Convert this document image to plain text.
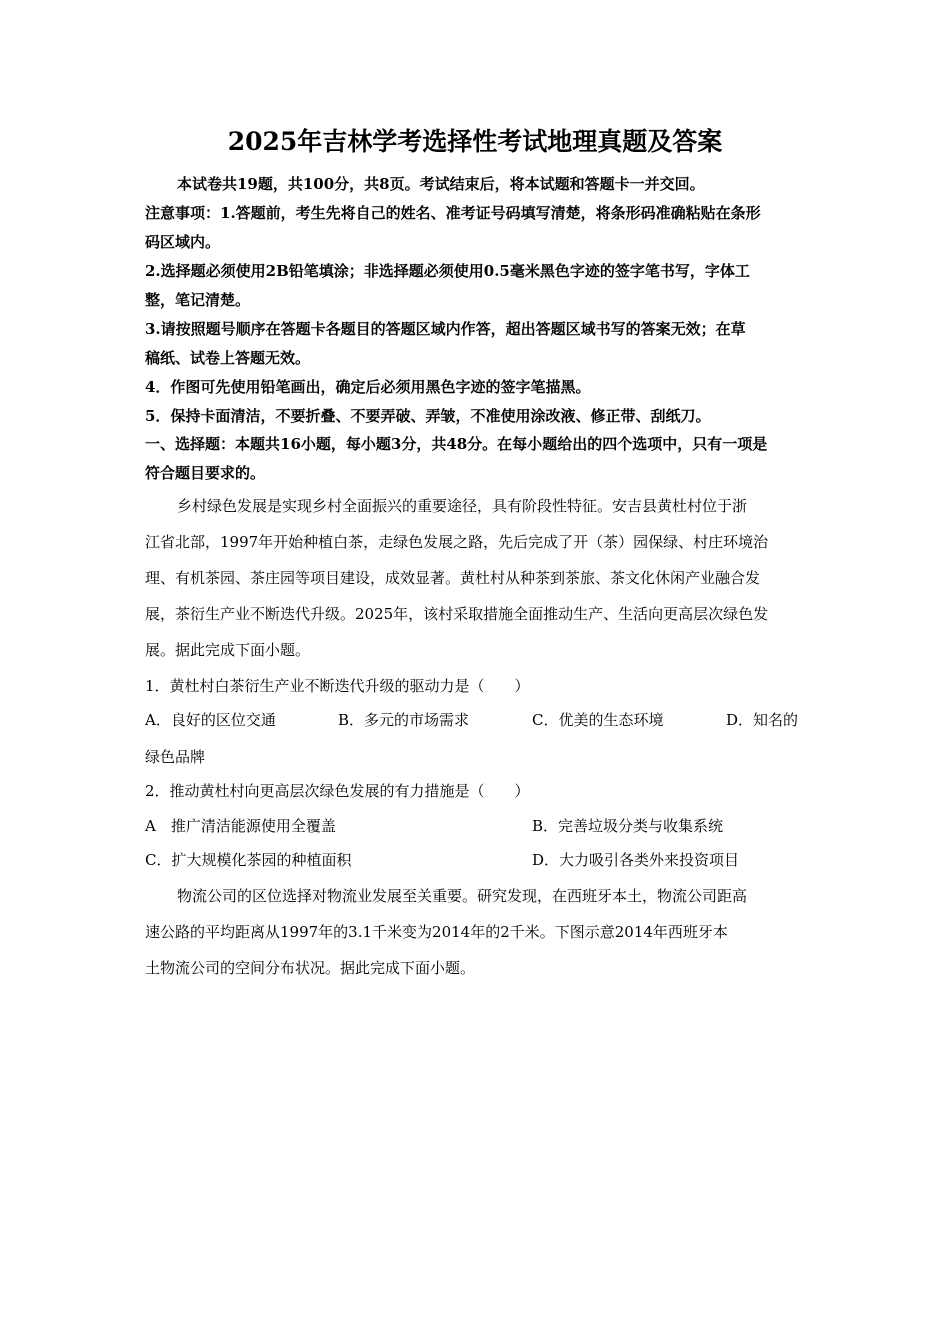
2025年吉林学考选择性考试地理真题及答案
本试卷共19题，共100分，共8页。考试结束后，将本试题和答题卡一并交回。
注意事项：1.答题前，考生先将自己的姓名、准考证号码填写清楚，将条形码准确粘贴在条形
码区域内。
2.选择题必须使用2B铅笔填涂；非选择题必须使用0.5毫米黑色字迹的签字笔书写，字体工
整，笔记清楚。
3.请按照题号顺序在答题卡各题目的答题区域内作答，超出答题区域书写的答案无效；在草
稿纸、试卷上答题无效。
4．作图可先使用铅笔画出，确定后必须用黑色字迹的签字笔描黑。
5．保持卡面清洁，不要折叠、不要弄破、弄皱，不准使用涂改液、修正带、刮纸刀。
一、选择题：本题共16小题，每小题3分，共48分。在每小题给出的四个选项中，只有一项是
符合题目要求的。
乡村绿色发展是实现乡村全面振兴的重要途径，具有阶段性特征。安吉县黄杜村位于浙
江省北部，1997年开始种植白茶，走绿色发展之路，先后完成了开（茶）园保绿、村庄环境治
理、有机茶园、茶庄园等项目建设，成效显著。黄杜村从种茶到茶旅、茶文化休闲产业融合发
展，茶衍生产业不断迭代升级。2025年，该村采取措施全面推动生产、生活向更高层次绿色发
展。据此完成下面小题。
1．黄杜村白茶衍生产业不断迭代升级的驱动力是（　　）
A．良好的区位交通	B．多元的市场需求	C．优美的生态环境	D．知名的
绿色品牌
2．推动黄杜村向更高层次绿色发展的有力措施是（　　）
A　推广清洁能源使用全覆盖	B．完善垃圾分类与收集系统
C．扩大规模化茶园的种植面积	D．大力吸引各类外来投资项目
物流公司的区位选择对物流业发展至关重要。研究发现，在西班牙本土，物流公司距高
速公路的平均距离从1997年的3.1千米变为2014年的2千米。下图示意2014年西班牙本
土物流公司的空间分布状况。据此完成下面小题。
